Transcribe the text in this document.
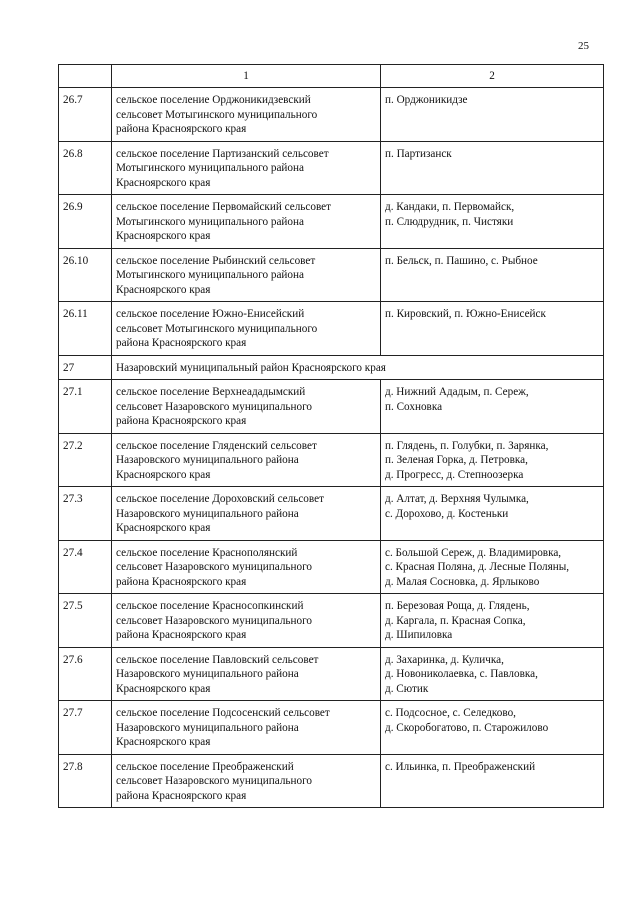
25
	1	2
26.7	сельское поселение Орджоникидзевский
сельсовет Мотыгинского муниципального
района Красноярского края	п. Орджоникидзе

26.8	сельское поселение Партизанский сельсовет
Мотыгинского муниципального района
Красноярского края	п. Партизанск

26.9	сельское поселение Первомайский сельсовет
Мотыгинского муниципального района
Красноярского края	д. Кандаки, п. Первомайск,
п. Слюдрудник, п. Чистяки

26.10	сельское поселение Рыбинский сельсовет
Мотыгинского муниципального района
Красноярского края	п. Бельск, п. Пашино, с. Рыбное

26.11	сельское поселение Южно-Енисейский
сельсовет Мотыгинского муниципального
района Красноярского края	п. Кировский, п. Южно-Енисейск

27	Назаровский муниципальный район Красноярского края	
27.1	сельское поселение Верхнеададымский
сельсовет Назаровского муниципального
района Красноярского края	д. Нижний Ададым, п. Сереж,
п. Сохновка

27.2	сельское поселение Гляденский сельсовет
Назаровского муниципального района
Красноярского края	п. Глядень, п. Голубки, п. Зарянка,
п. Зеленая Горка, д. Петровка,
д. Прогресс, д. Степноозерка

27.3	сельское поселение Дороховский сельсовет
Назаровского муниципального района
Красноярского края	д. Алтат, д. Верхняя Чулымка,
с. Дорохово, д. Костеньки

27.4	сельское поселение Краснополянский
сельсовет Назаровского муниципального
района Красноярского края	с. Большой Сереж, д. Владимировка,
с. Красная Поляна, д. Лесные Поляны,
д. Малая Сосновка, д. Ярлыково

27.5	сельское поселение Красносопкинский
сельсовет Назаровского муниципального
района Красноярского края	п. Березовая Роща, д. Глядень,
д. Каргала, п. Красная Сопка,
д. Шипиловка

27.6	сельское поселение Павловский сельсовет
Назаровского муниципального района
Красноярского края	д. Захаринка, д. Куличка,
д. Новониколаевка, с. Павловка,
д. Сютик

27.7	сельское поселение Подсосенский сельсовет
Назаровского муниципального района
Красноярского края	с. Подсосное, с. Селедково,
д. Скоробогатово, п. Старожилово

27.8	сельское поселение Преображенский
сельсовет Назаровского муниципального
района Красноярского края	с. Ильинка, п. Преображенский
